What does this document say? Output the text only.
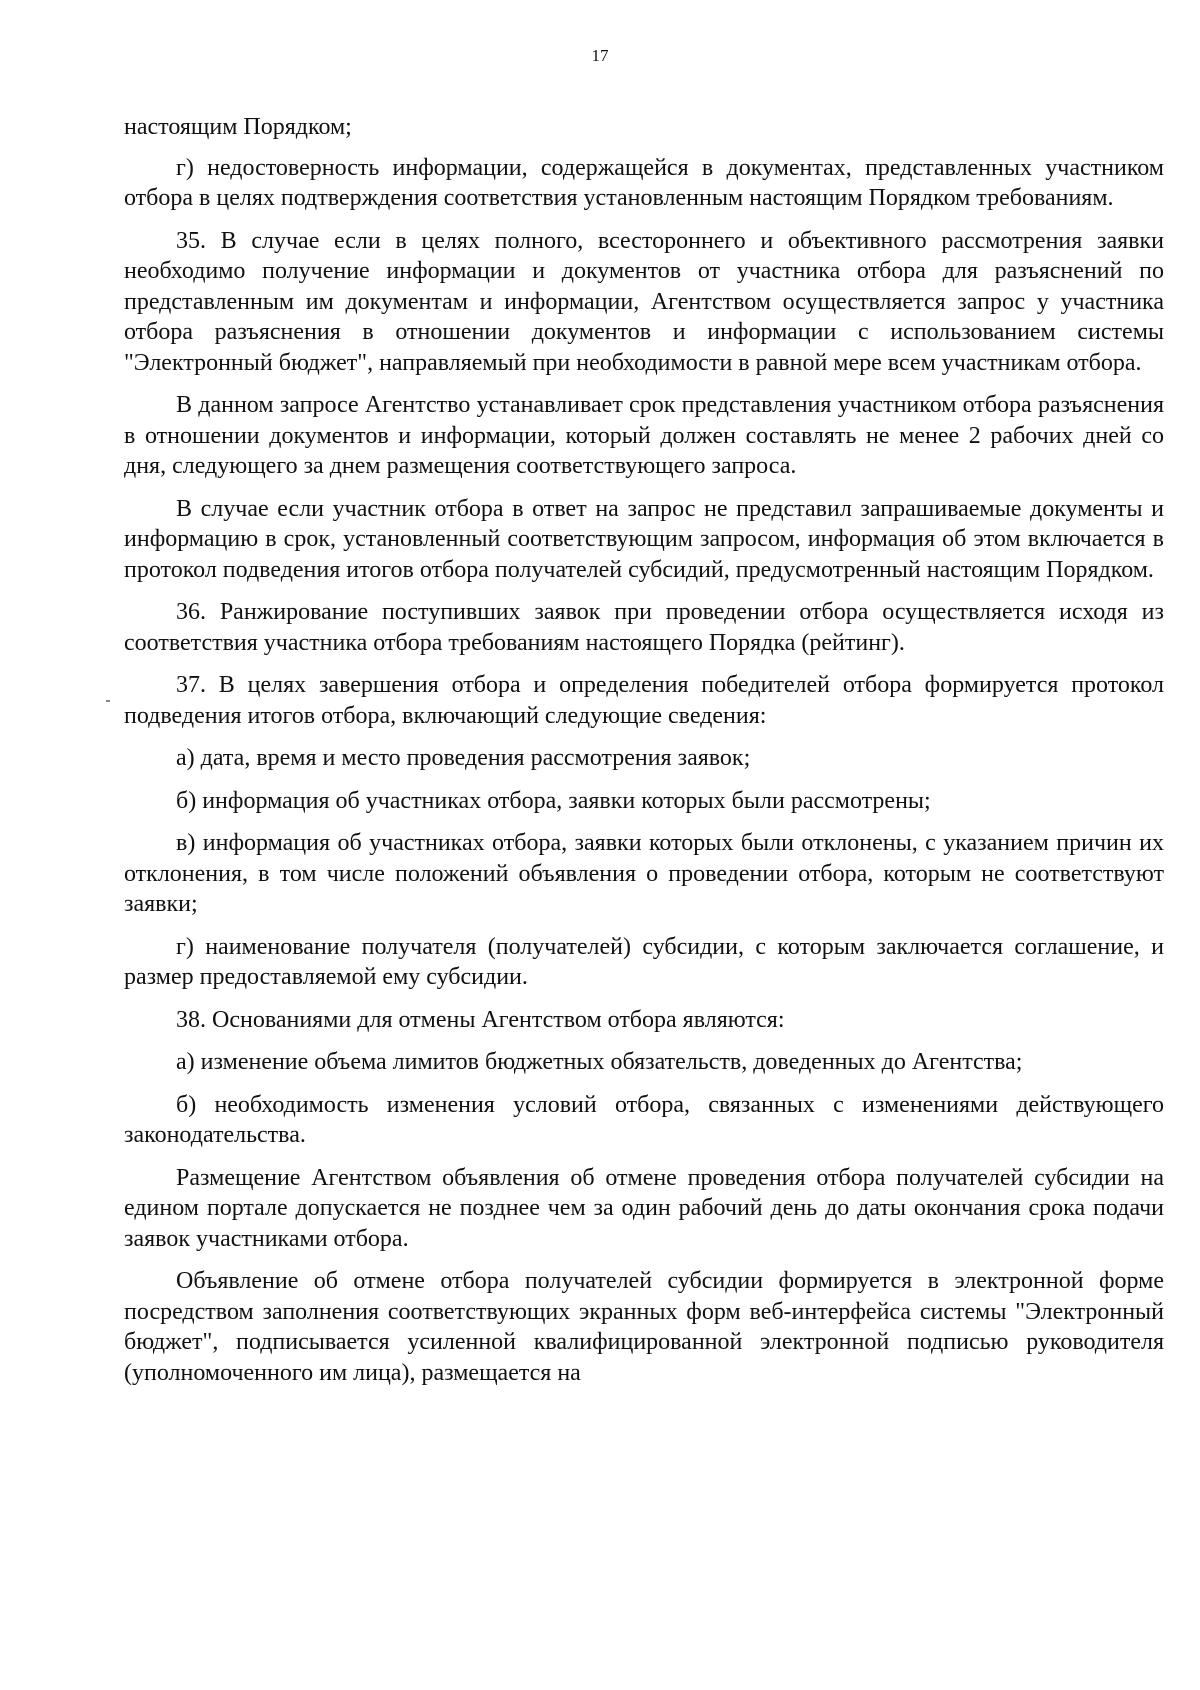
17

настоящим Порядком;

г) недостоверность информации, содержащейся в документах, представленных участником отбора в целях подтверждения соответствия установленным настоящим Порядком требованиям.

35. В случае если в целях полного, всестороннего и объективного рассмотрения заявки необходимо получение информации и документов от участника отбора для разъяснений по представленным им документам и информации, Агентством осуществляется запрос у участника отбора разъяснения в отношении документов и информации с использованием системы "Электронный бюджет", направляемый при необходимости в равной мере всем участникам отбора.

В данном запросе Агентство устанавливает срок представления участником отбора разъяснения в отношении документов и информации, который должен составлять не менее 2 рабочих дней со дня, следующего за днем размещения соответствующего запроса.

В случае если участник отбора в ответ на запрос не представил запрашиваемые документы и информацию в срок, установленный соответствующим запросом, информация об этом включается в протокол подведения итогов отбора получателей субсидий, предусмотренный настоящим Порядком.

36. Ранжирование поступивших заявок при проведении отбора осуществляется исходя из соответствия участника отбора требованиям настоящего Порядка (рейтинг).

37. В целях завершения отбора и определения победителей отбора формируется протокол подведения итогов отбора, включающий следующие сведения:

а) дата, время и место проведения рассмотрения заявок;

б) информация об участниках отбора, заявки которых были рассмотрены;

в) информация об участниках отбора, заявки которых были отклонены, с указанием причин их отклонения, в том числе положений объявления о проведении отбора, которым не соответствуют заявки;

г) наименование получателя (получателей) субсидии, с которым заключается соглашение, и размер предоставляемой ему субсидии.

38. Основаниями для отмены Агентством отбора являются:

а) изменение объема лимитов бюджетных обязательств, доведенных до Агентства;

б) необходимость изменения условий отбора, связанных с изменениями действующего законодательства.

Размещение Агентством объявления об отмене проведения отбора получателей субсидии на едином портале допускается не позднее чем за один рабочий день до даты окончания срока подачи заявок участниками отбора.

Объявление об отмене отбора получателей субсидии формируется в электронной форме посредством заполнения соответствующих экранных форм веб-интерфейса системы "Электронный бюджет", подписывается усиленной квалифицированной электронной подписью руководителя (уполномоченного им лица), размещается на
